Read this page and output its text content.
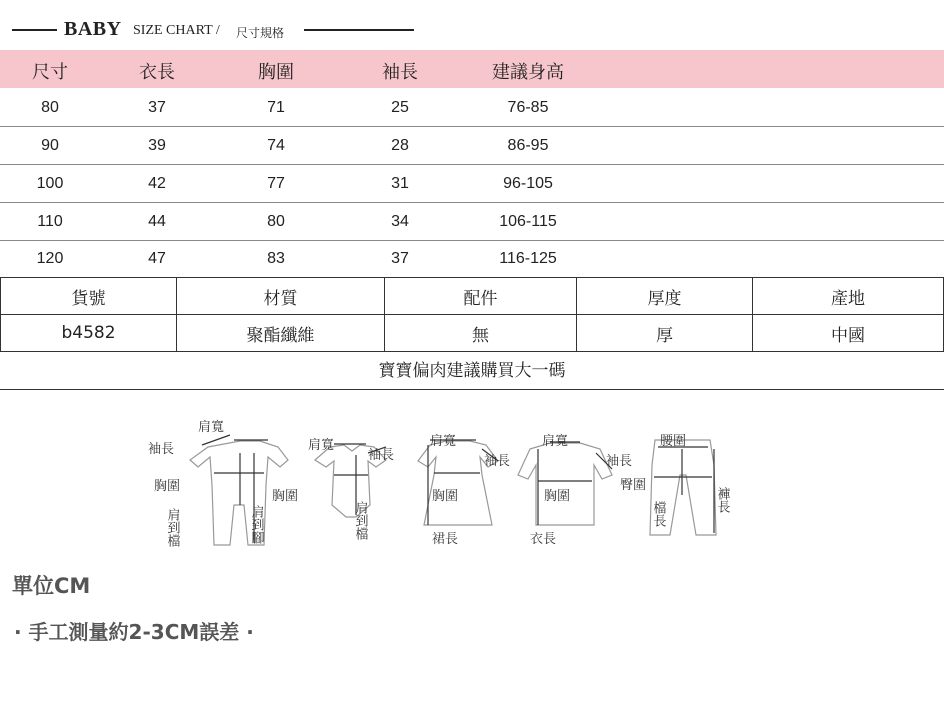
BABY SIZE CHART / 尺寸規格
尺寸	衣長	胸圍	袖長	建議身高
80	37	71	25	76-85
90	39	74	28	86-95
100	42	77	31	96-105
110	44	80	34	106-115
120	47	83	37	116-125
貨號	材質	配件	厚度	產地
b4582	聚酯纖維	無	厚	中國
寶寶偏肉建議購買大一碼
袖長
肩寬
胸圍
肩到檔	肩到腳
肩寬
袖長
胸圍
肩到檔
肩寬
袖長
胸圍
裙長
肩寬
袖長
胸圍
衣長
腰圍
臀圍
檔長
褲長
單位CM
· 手工測量約2-3CM誤差 ·
